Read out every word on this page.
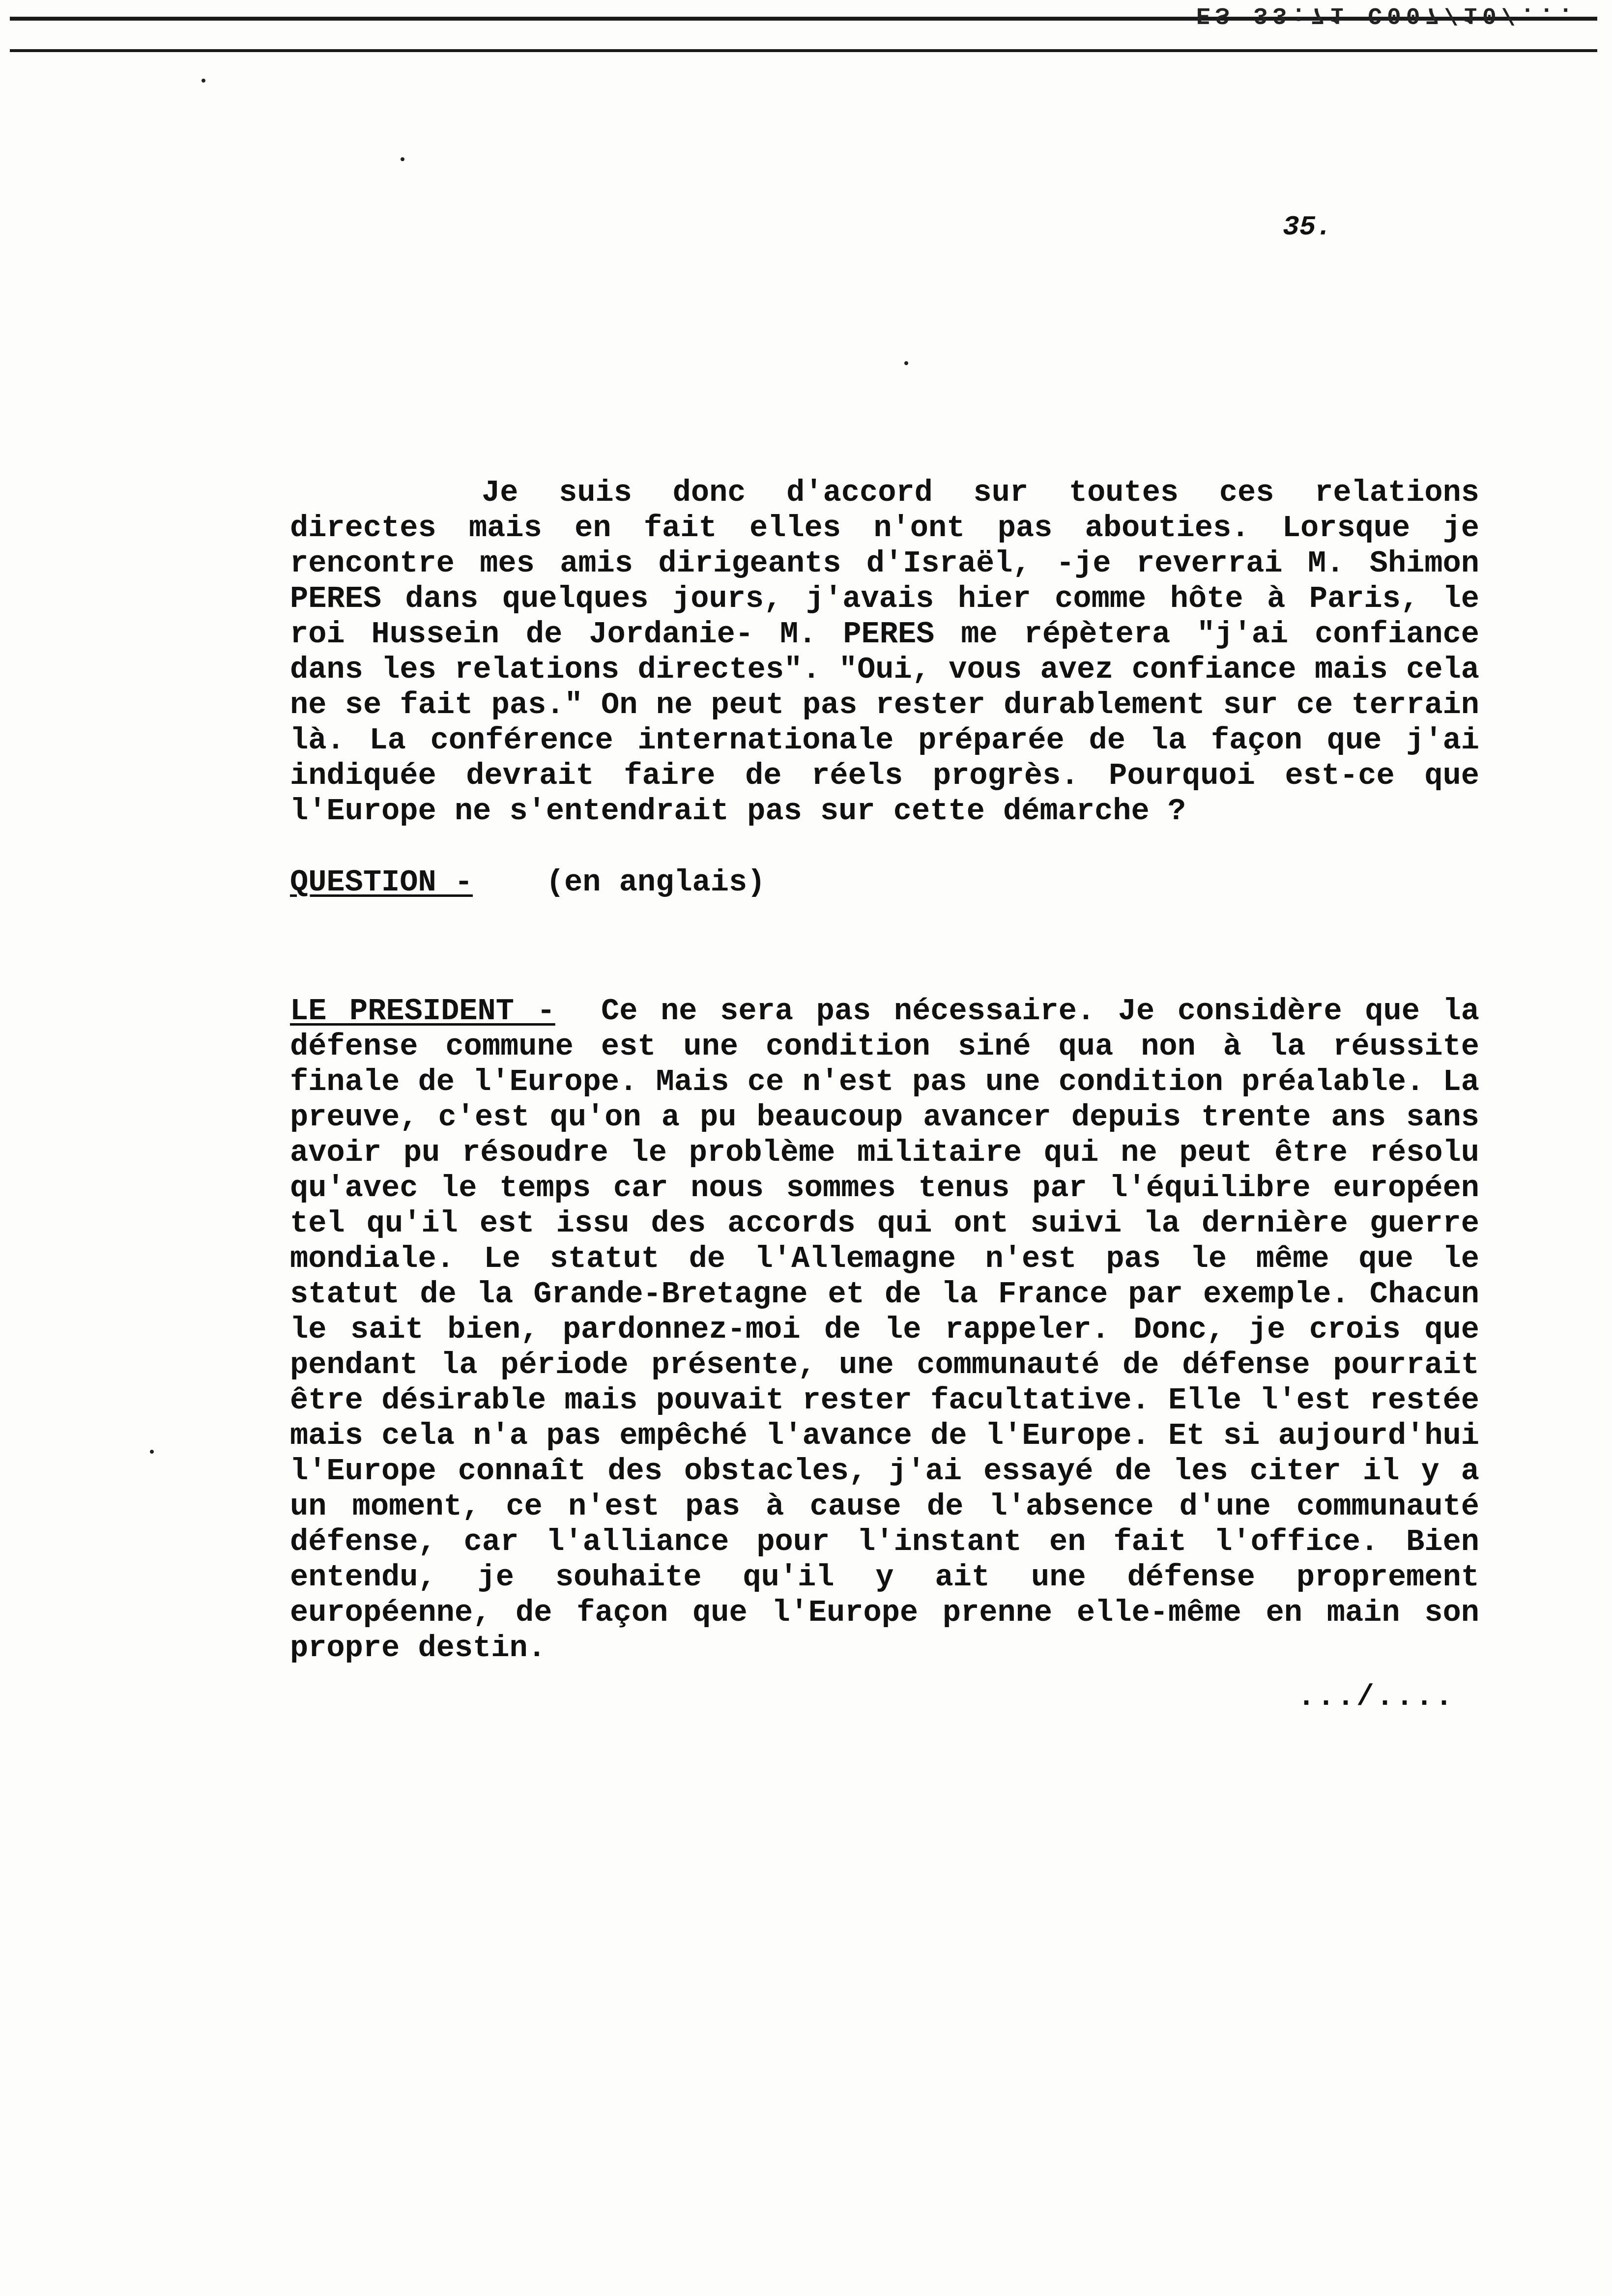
ES 33:71 C007/10/...
35.

Je suis donc d'accord sur toutes ces relations directes mais en fait elles n'ont pas abouties. Lorsque je rencontre mes amis dirigeants d'Israël, -je reverrai M. Shimon PERES dans quelques jours, j'avais hier comme hôte à Paris, le roi Hussein de Jordanie- M. PERES me répètera "j'ai confiance dans les relations directes". "Oui, vous avez confiance mais cela ne se fait pas." On ne peut pas rester durablement sur ce terrain là. La conférence internationale préparée de la façon que j'ai indiquée devrait faire de réels progrès. Pourquoi est-ce que l'Europe ne s'entendrait pas sur cette démarche ?

QUESTION - (en anglais)

LE PRESIDENT - Ce ne sera pas nécessaire. Je considère que la défense commune est une condition siné qua non à la réussite finale de l'Europe. Mais ce n'est pas une condition préalable. La preuve, c'est qu'on a pu beaucoup avancer depuis trente ans sans avoir pu résoudre le problème militaire qui ne peut être résolu qu'avec le temps car nous sommes tenus par l'équilibre européen tel qu'il est issu des accords qui ont suivi la dernière guerre mondiale. Le statut de l'Allemagne n'est pas le même que le statut de la Grande-Bretagne et de la France par exemple. Chacun le sait bien, pardonnez-moi de le rappeler. Donc, je crois que pendant la période présente, une communauté de défense pourrait être désirable mais pouvait rester facultative. Elle l'est restée mais cela n'a pas empêché l'avance de l'Europe. Et si aujourd'hui l'Europe connaît des obstacles, j'ai essayé de les citer il y a un moment, ce n'est pas à cause de l'absence d'une communauté défense, car l'alliance pour l'instant en fait l'office. Bien entendu, je souhaite qu'il y ait une défense proprement européenne, de façon que l'Europe prenne elle-même en main son propre destin.

.../....
